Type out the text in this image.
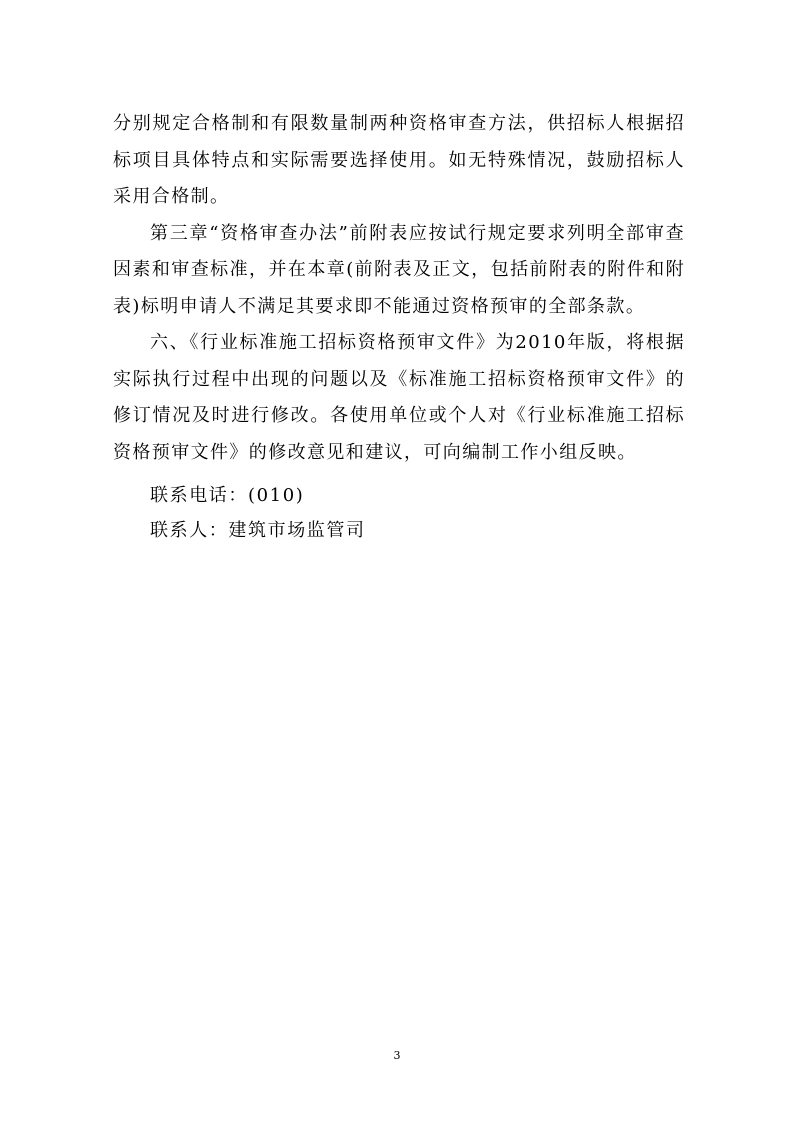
分别规定合格制和有限数量制两种资格审查方法，供招标人根据招标项目具体特点和实际需要选择使用。如无特殊情况，鼓励招标人采用合格制。

第三章“资格审查办法”前附表应按试行规定要求列明全部审查因素和审查标准，并在本章(前附表及正文，包括前附表的附件和附表)标明申请人不满足其要求即不能通过资格预审的全部条款。

六、《行业标准施工招标资格预审文件》为2010年版，将根据实际执行过程中出现的问题以及《标准施工招标资格预审文件》的修订情况及时进行修改。各使用单位或个人对《行业标准施工招标资格预审文件》的修改意见和建议，可向编制工作小组反映。

联系电话：(010)

联系人：建筑市场监管司

3
